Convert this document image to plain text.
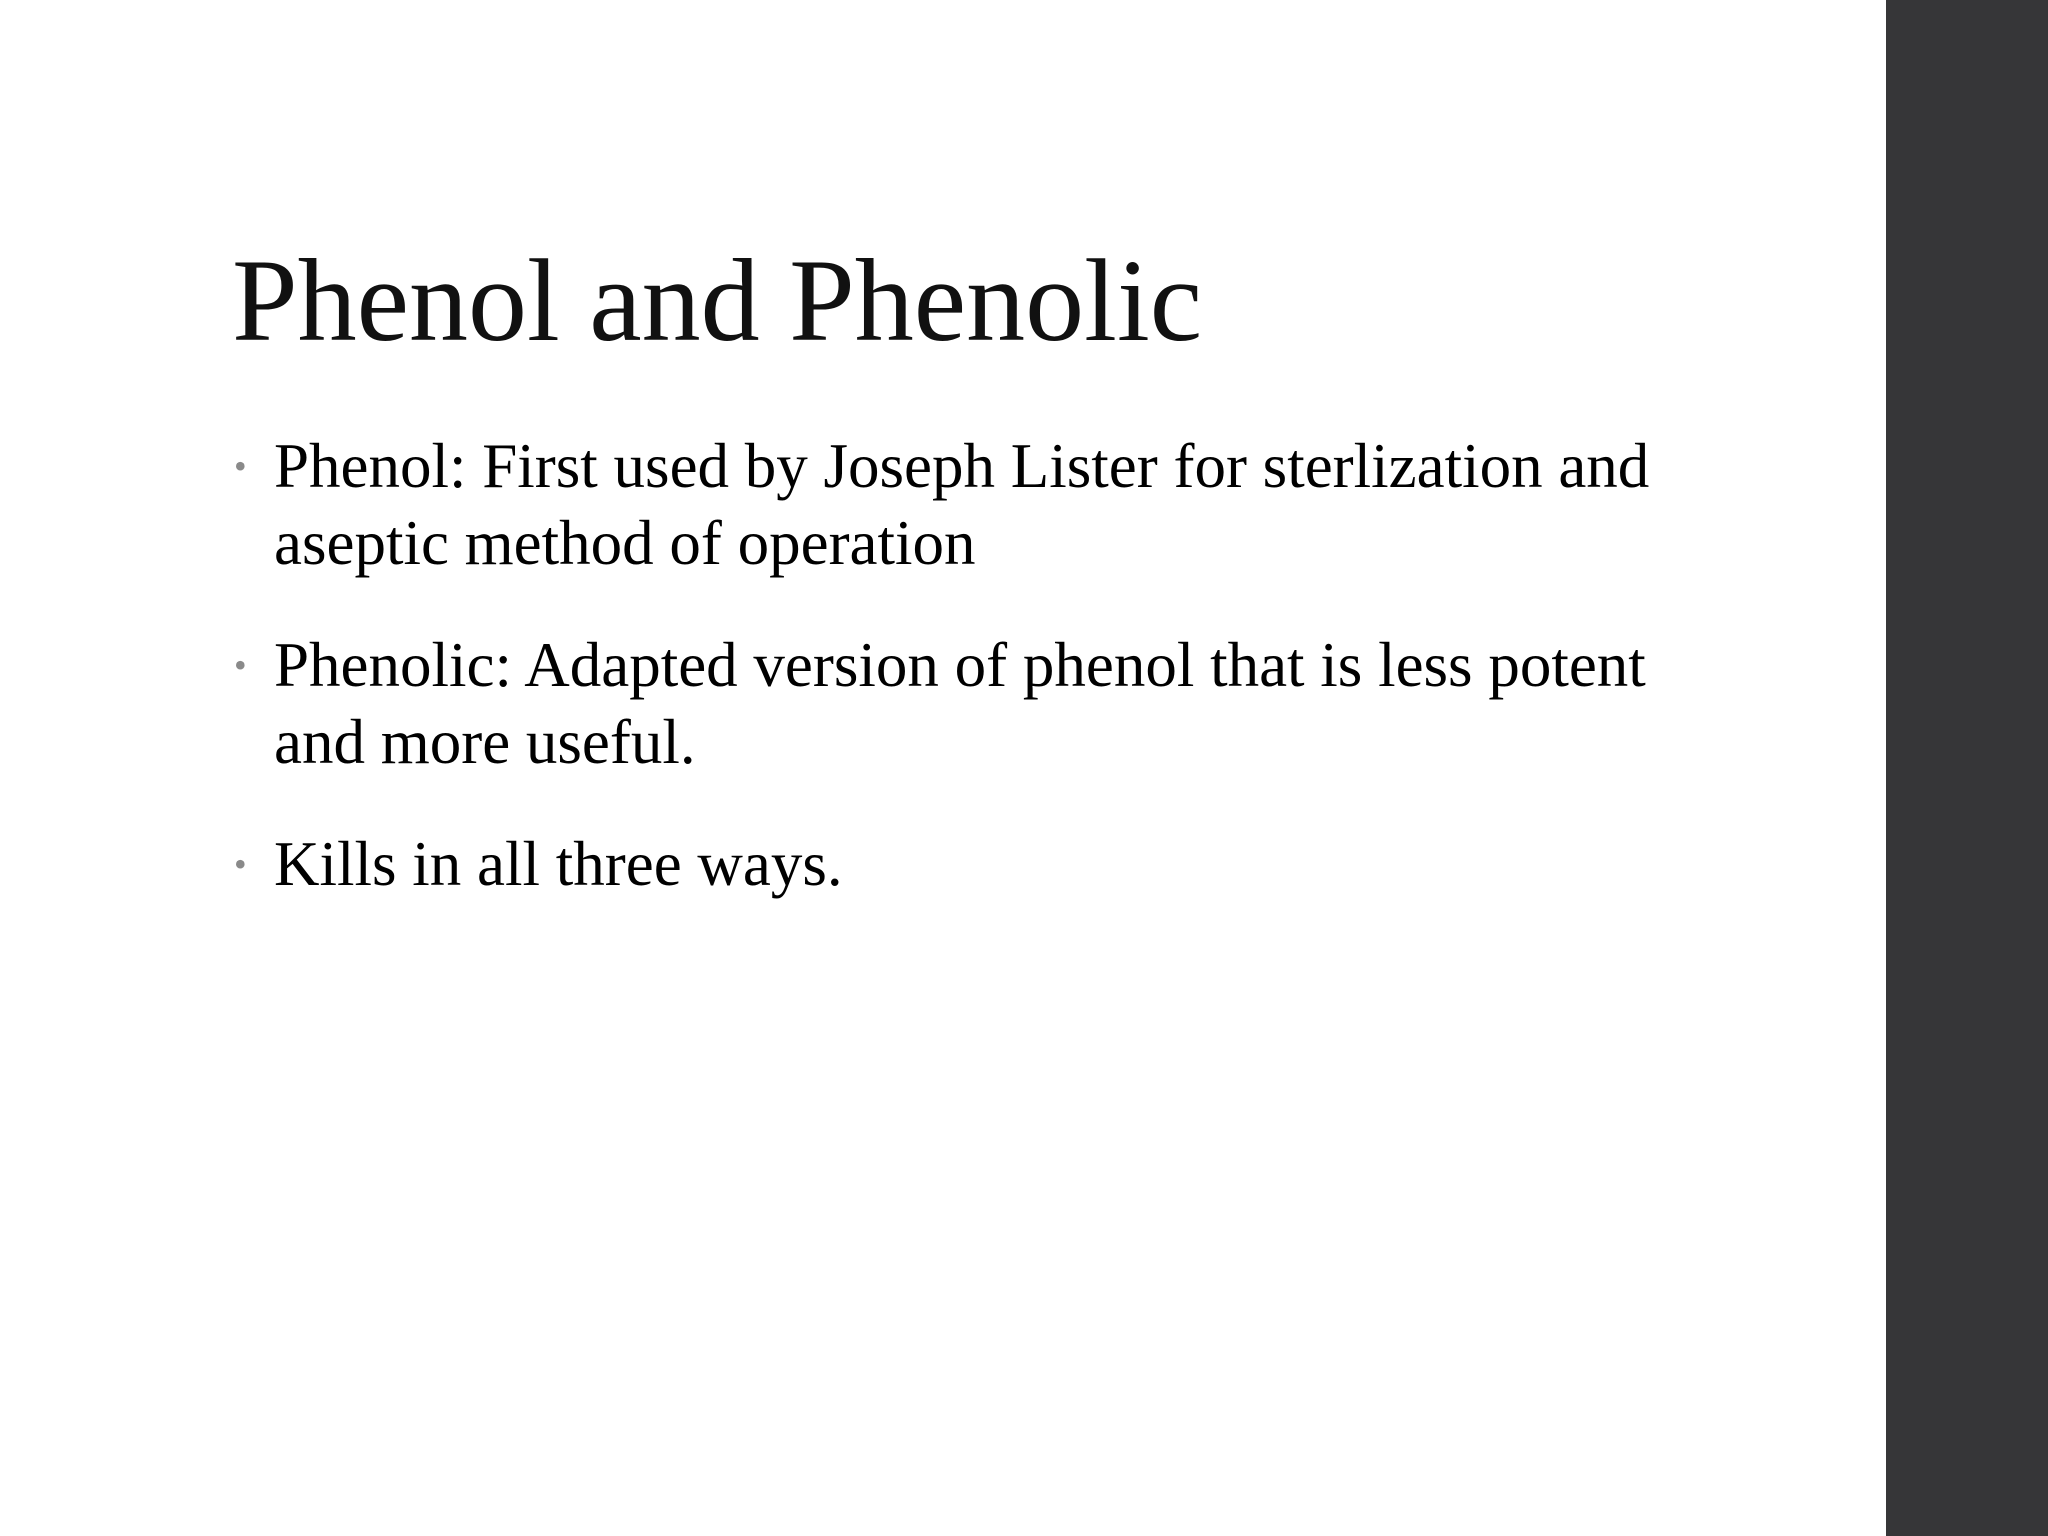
Phenol and Phenolic
• Phenol: First used by Joseph Lister for sterlization and aseptic method of operation
• Phenolic: Adapted version of phenol that is less potent and more useful.
• Kills in all three ways.
